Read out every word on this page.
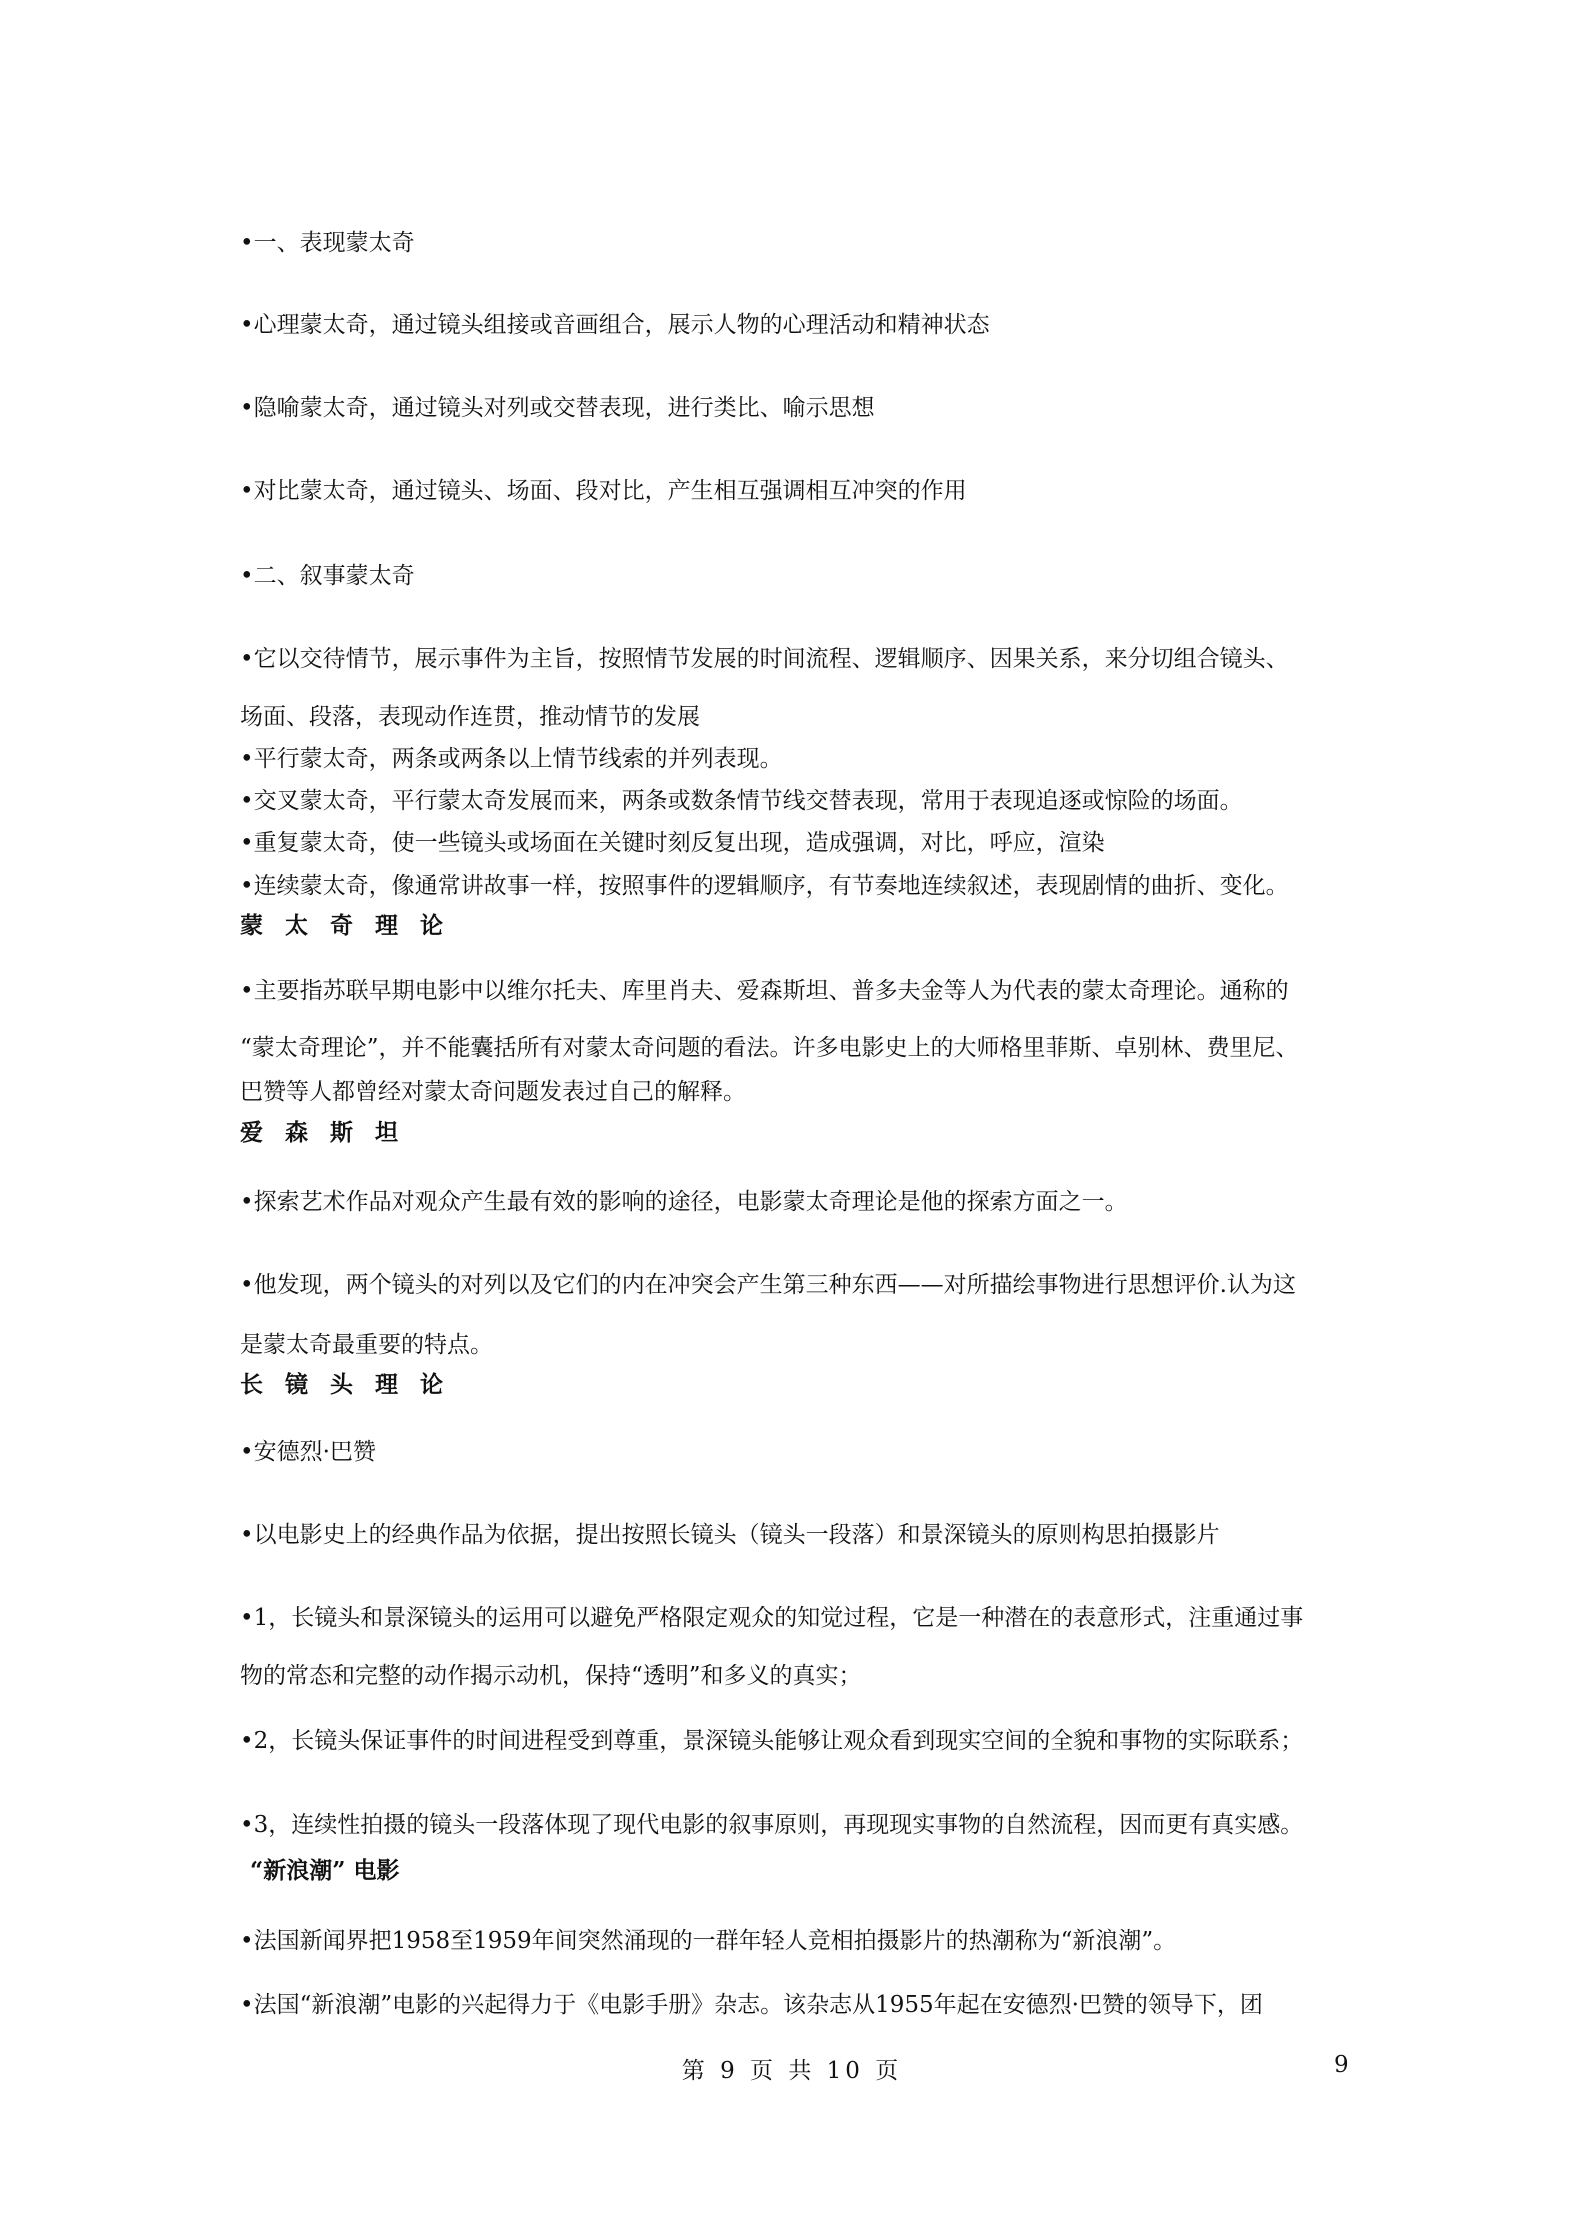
•一、表现蒙太奇
•心理蒙太奇，通过镜头组接或音画组合，展示人物的心理活动和精神状态
•隐喻蒙太奇，通过镜头对列或交替表现，进行类比、喻示思想
•对比蒙太奇，通过镜头、场面、段对比，产生相互强调相互冲突的作用
•二、叙事蒙太奇
•它以交待情节，展示事件为主旨，按照情节发展的时间流程、逻辑顺序、因果关系，来分切组合镜头、
场面、段落，表现动作连贯，推动情节的发展
•平行蒙太奇，两条或两条以上情节线索的并列表现。
•交叉蒙太奇，平行蒙太奇发展而来，两条或数条情节线交替表现，常用于表现追逐或惊险的场面。
•重复蒙太奇，使一些镜头或场面在关键时刻反复出现，造成强调，对比，呼应，渲染
•连续蒙太奇，像通常讲故事一样，按照事件的逻辑顺序，有节奏地连续叙述，表现剧情的曲折、变化。
蒙太奇理论
•主要指苏联早期电影中以维尔托夫、库里肖夫、爱森斯坦、普多夫金等人为代表的蒙太奇理论。通称的
“蒙太奇理论”，并不能囊括所有对蒙太奇问题的看法。许多电影史上的大师格里菲斯、卓别林、费里尼、
巴赞等人都曾经对蒙太奇问题发表过自己的解释。
爱森斯坦
•探索艺术作品对观众产生最有效的影响的途径，电影蒙太奇理论是他的探索方面之一。
•他发现，两个镜头的对列以及它们的内在冲突会产生第三种东西——对所描绘事物进行思想评价.认为这
是蒙太奇最重要的特点。
长镜头理论
•安德烈·巴赞
•以电影史上的经典作品为依据，提出按照长镜头（镜头一段落）和景深镜头的原则构思拍摄影片
•1，长镜头和景深镜头的运用可以避免严格限定观众的知觉过程，它是一种潜在的表意形式，注重通过事
物的常态和完整的动作揭示动机，保持“透明”和多义的真实；
•2，长镜头保证事件的时间进程受到尊重，景深镜头能够让观众看到现实空间的全貌和事物的实际联系；
•3，连续性拍摄的镜头一段落体现了现代电影的叙事原则，再现现实事物的自然流程，因而更有真实感。
“新浪潮” 电影
•法国新闻界把1958至1959年间突然涌现的一群年轻人竞相拍摄影片的热潮称为“新浪潮”。
•法国“新浪潮”电影的兴起得力于《电影手册》杂志。该杂志从1955年起在安德烈·巴赞的领导下，团
第 9 页 共 10 页	9
